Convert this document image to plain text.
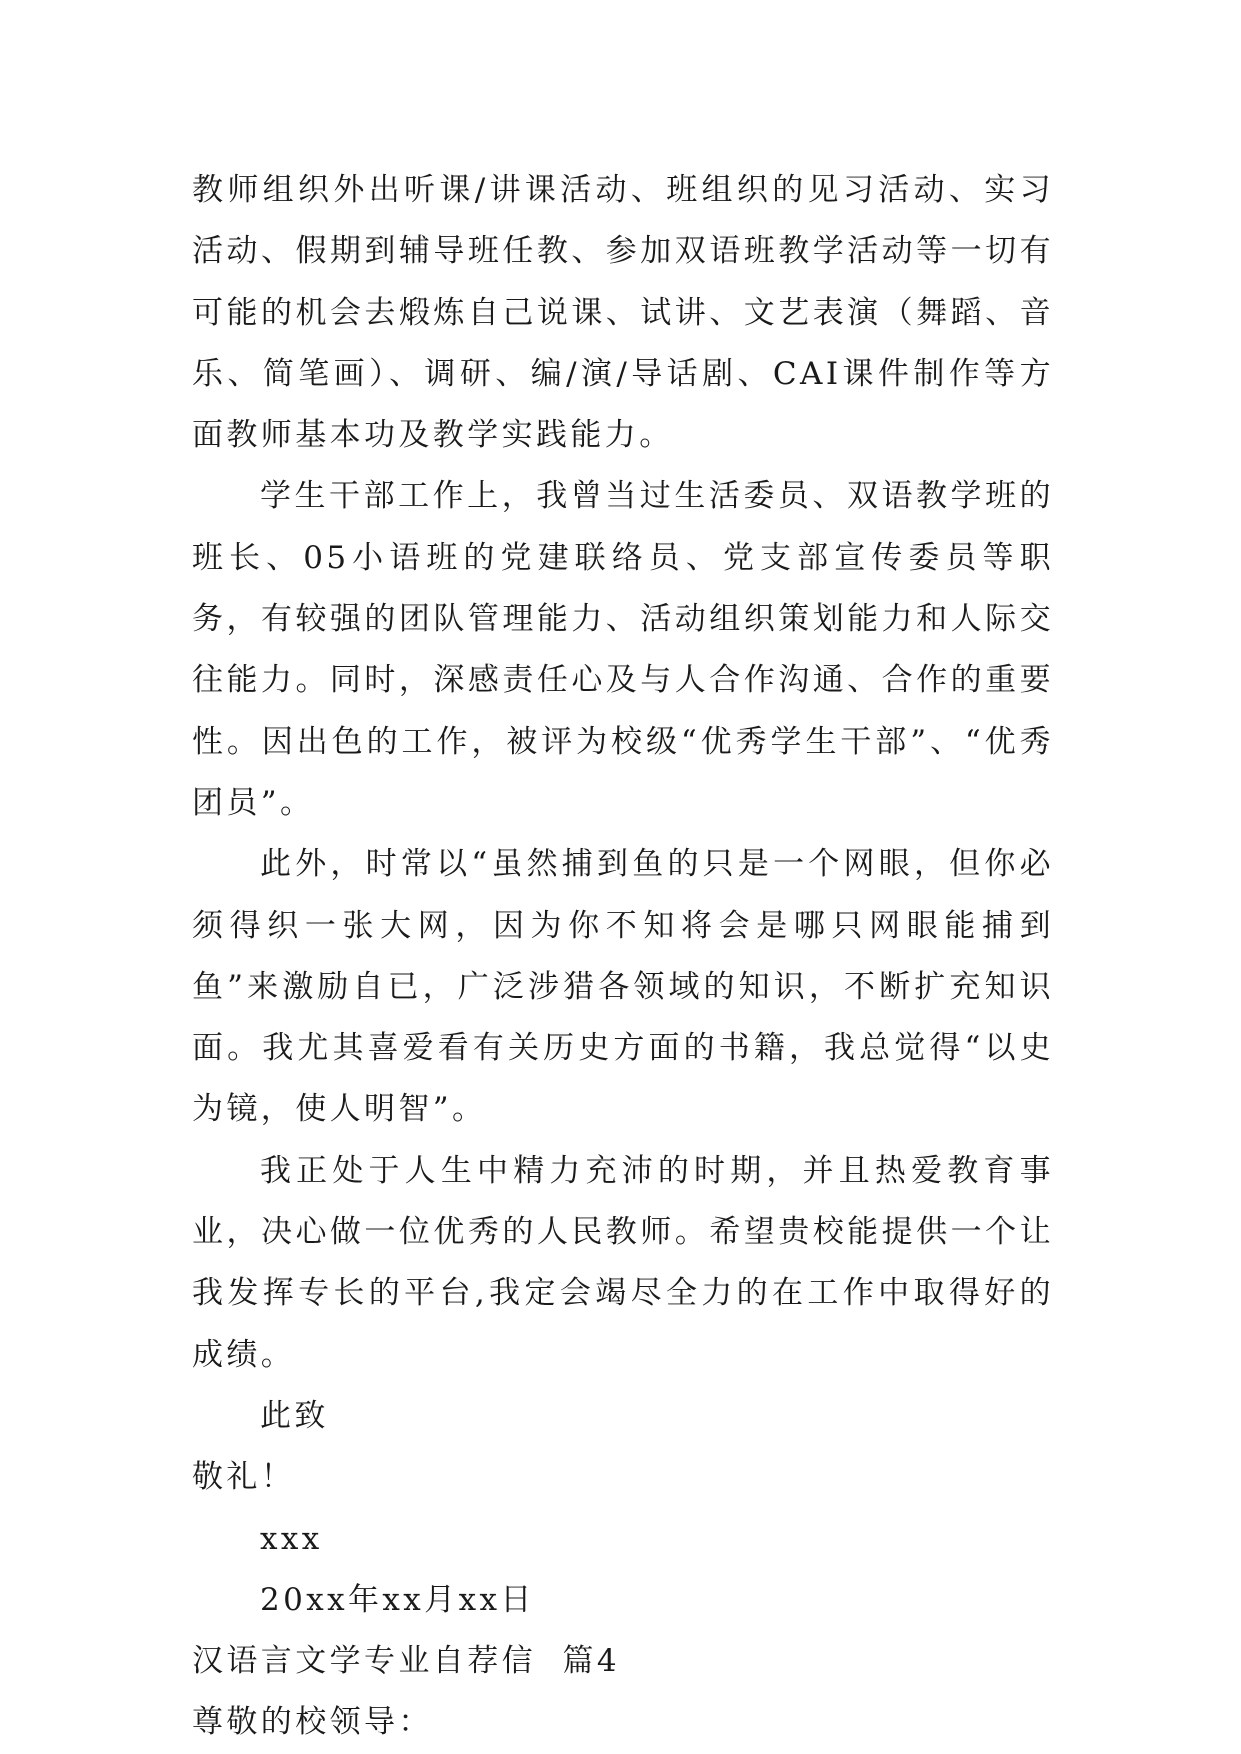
教师组织外出听课/讲课活动、班组织的见习活动、实习活动、假期到辅导班任教、参加双语班教学活动等一切有可能的机会去煅炼自己说课、试讲、文艺表演（舞蹈、音乐、简笔画）、调研、编/演/导话剧、CAI课件制作等方面教师基本功及教学实践能力。

学生干部工作上，我曾当过生活委员、双语教学班的班长、05小语班的党建联络员、党支部宣传委员等职务，有较强的团队管理能力、活动组织策划能力和人际交往能力。同时，深感责任心及与人合作沟通、合作的重要性。因出色的工作，被评为校级“优秀学生干部”、“优秀团员”。

此外，时常以“虽然捕到鱼的只是一个网眼，但你必须得织一张大网，因为你不知将会是哪只网眼能捕到鱼”来激励自已，广泛涉猎各领域的知识，不断扩充知识面。我尤其喜爱看有关历史方面的书籍，我总觉得“以史为镜，使人明智”。

我正处于人生中精力充沛的时期，并且热爱教育事业，决心做一位优秀的人民教师。希望贵校能提供一个让我发挥专长的平台,我定会竭尽全力的在工作中取得好的成绩。

此致

敬礼！

xxx

20xx年xx月xx日

汉语言文学专业自荐信  篇4

尊敬的校领导：
